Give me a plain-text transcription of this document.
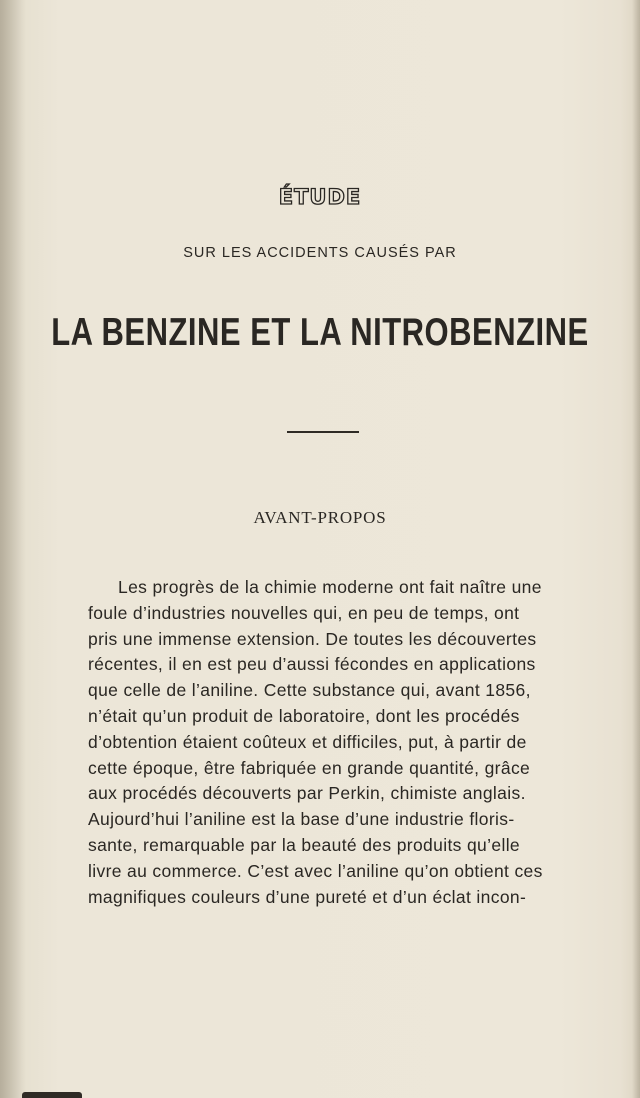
ÉTUDE
SUR LES ACCIDENTS CAUSÉS PAR
LA BENZINE ET LA NITROBENZINE
AVANT-PROPOS

Les progrès de la chimie moderne ont fait naître une
foule d’industries nouvelles qui, en peu de temps, ont
pris une immense extension. De toutes les découvertes
récentes, il en est peu d’aussi fécondes en applications
que celle de l’aniline. Cette substance qui, avant 1856,
n’était qu’un produit de laboratoire, dont les procédés
d’obtention étaient coûteux et difficiles, put, à partir de
cette époque, être fabriquée en grande quantité, grâce
aux procédés découverts par Perkin, chimiste anglais.
Aujourd’hui l’aniline est la base d’une industrie floris-
sante, remarquable par la beauté des produits qu’elle
livre au commerce. C’est avec l’aniline qu’on obtient ces
magnifiques couleurs d’une pureté et d’un éclat incon-
